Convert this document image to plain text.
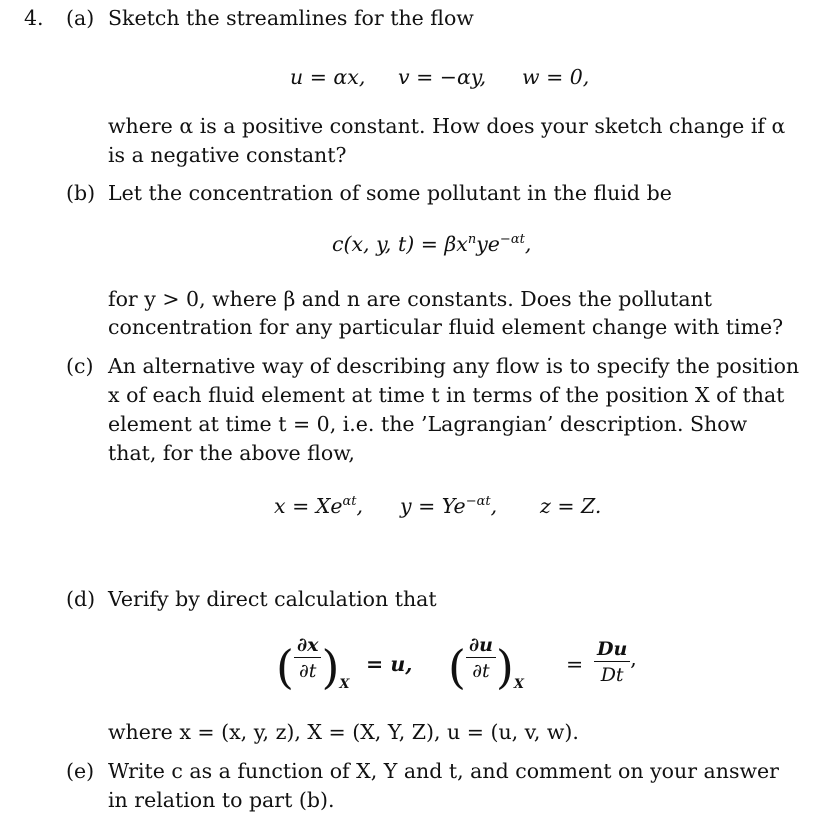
4. (a) Sketch the streamlines for the flow
u = αx, v = −αy, w = 0,
where α is a positive constant. How does your sketch change if α
is a negative constant?
(b) Let the concentration of some pollutant in the fluid be
c(x, y, $t) = \beta x^nye^{-\alpha t}$,
for y > 0, where β and n are constants. Does the pollutant
concentration for any particular fluid element change with time?
(c) An alternative way of describing any flow is to specify the position
x of each fluid element at time t in terms of the position X of that
element at time t = 0, i.e. the ’Lagrangian’ description. Show
that, for the above flow,
$x = Xe^{\alpha t}$, $y = Ye^{-\alpha t}$, z = Z.
(d) Verify by direct calculation that
( $\frac{\partial x}{\partial t} )_X$
= u, ( $\frac{\partial u}{\partial t} )_X$
= $\frac{Du}{Dt}$ ,
where x = (x, y, z), X = (X, Y, Z), u = (u, v, w).
(e) Write c as a function of X, Y and t, and comment on your answer
in relation to part (b).
